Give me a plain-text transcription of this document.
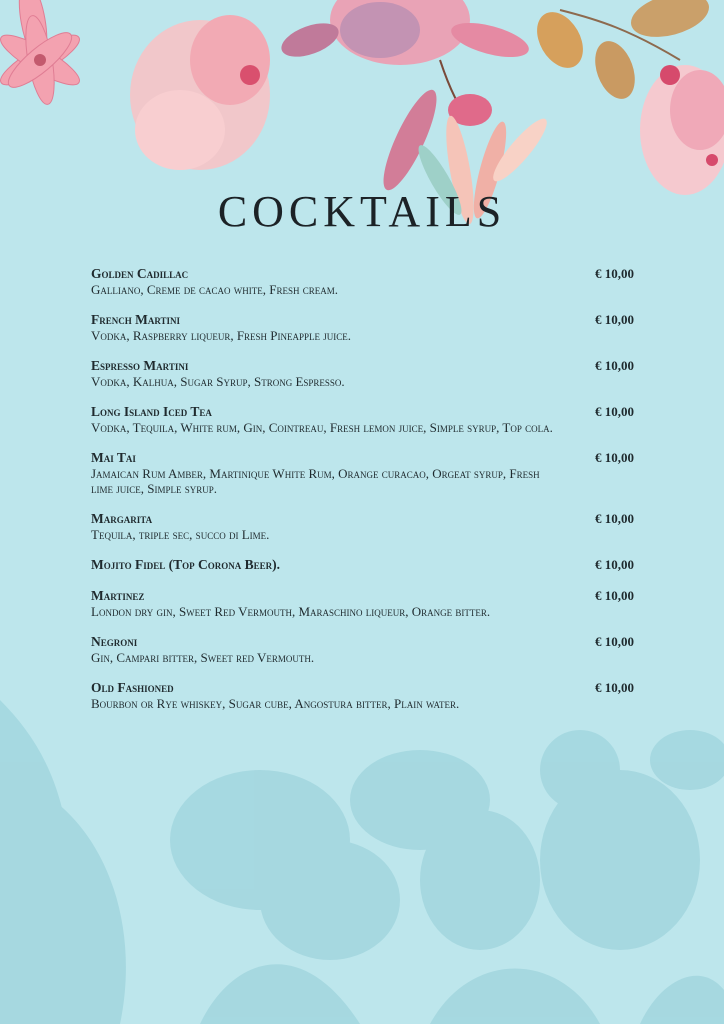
COCKTAILS
Golden Cadillac
Galliano, Creme de cacao white, Fresh cream.
€ 10,00
French Martini
Vodka, Raspberry liqueur, Fresh Pineapple juice.
€ 10,00
Espresso Martini
Vodka, Kalhua, Sugar Syrup, Strong Espresso.
€ 10,00
Long Island Iced Tea
Vodka, Tequila, White rum, Gin, Cointreau, Fresh lemon juice, Simple syrup, Top cola.
€ 10,00
Mai Tai
Jamaican Rum Amber, Martinique White Rum, Orange curacao, Orgeat syrup, Fresh lime juice, Simple syrup.
€ 10,00
Margarita
Tequila, triple sec, succo di Lime.
€ 10,00
Mojito Fidel (Top Corona Beer).	€ 10,00
Martinez
London dry gin, Sweet Red Vermouth, Maraschino liqueur, Orange bitter.
€ 10,00
Negroni
Gin, Campari bitter, Sweet red Vermouth.
€ 10,00
Old Fashioned
Bourbon or Rye whiskey, Sugar cube, Angostura bitter, Plain water.
€ 10,00
